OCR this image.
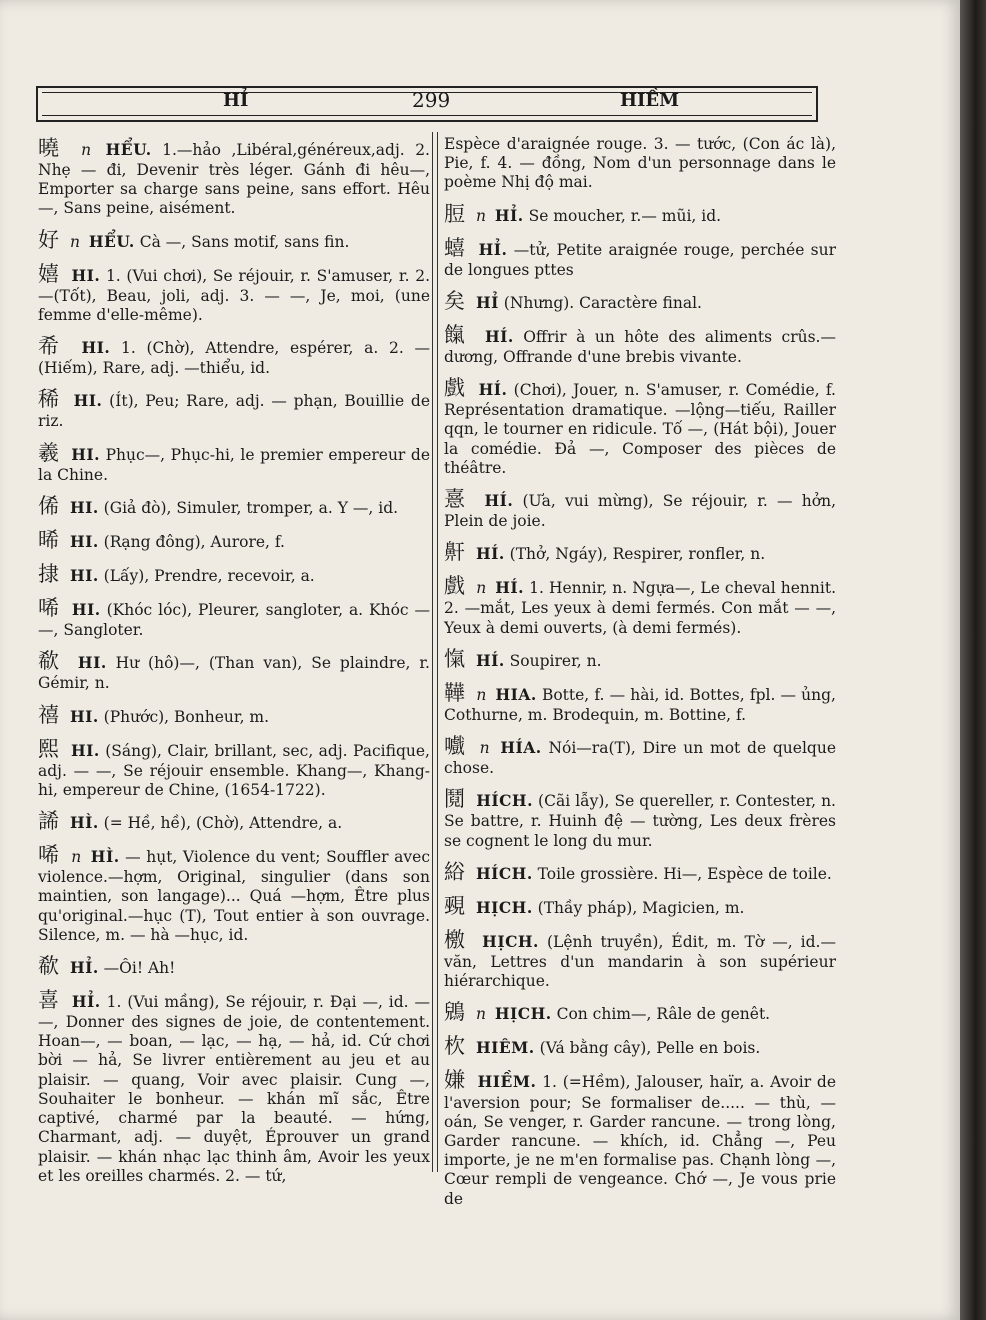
HỈ	299	HIỀM
曉 n HỂU. 1.—hảo ,Libéral,généreux,adj. 2. Nhẹ — đi, Devenir très léger. Gánh đi hêu—, Emporter sa charge sans peine, sans effort. Hêu —, Sans peine, aisément.
好 n HỂU. Cà —, Sans motif, sans fin.
嬉 HI. 1. (Vui chơi), Se réjouir, r. S'amuser, r. 2.—(Tốt), Beau, joli, adj. 3. — —, Je, moi, (une femme d'elle-même).
希 HI. 1. (Chờ), Attendre, espérer, a. 2. — (Hiếm), Rare, adj. —thiểu, id.
稀 HI. (Ít), Peu; Rare, adj. — phạn, Bouillie de riz.
羲 HI. Phục—, Phục-hi, le premier empereur de la Chine.
俙 HI. (Giả đò), Simuler, tromper, a. Y —, id.
晞 HI. (Rạng đông), Aurore, f.
捸 HI. (Lấy), Prendre, recevoir, a.
唏 HI. (Khóc lóc), Pleurer, sangloter, a. Khóc — —, Sangloter.
欷 HI. Hư (hô)—, (Than van), Se plaindre, r. Gémir, n.
禧 HI. (Phước), Bonheur, m.
熙 HI. (Sáng), Clair, brillant, sec, adj. Pacifique, adj. — —, Se réjouir ensemble. Khang—, Khang-hi, empereur de Chine, (1654-1722).
䛥 HÌ. (= Hề, hề), (Chờ), Attendre, a.
唏 n HÌ. — hụt, Violence du vent; Souffler avec violence.—hợm, Original, singulier (dans son maintien, son langage)... Quá —hợm, Être plus qu'original.—hục (T), Tout entier à son ouvrage. Silence, m. — hà —hục, id.
欷 HỈ. —Ôi! Ah!
喜 HỈ. 1. (Vui mầng), Se réjouir, r. Đại —, id. — —, Donner des signes de joie, de contentement. Hoan—, — boan, — lạc, — hạ, — hả, id. Cứ chơi bời — hả, Se livrer entièrement au jeu et au plaisir. — quang, Voir avec plaisir. Cung —, Souhaiter le bonheur. — khán mĩ sắc, Être captivé, charmé par la beauté. — hứng, Charmant, adj. — duyệt, Éprouver un grand plaisir. — khán nhạc lạc thinh âm, Avoir les yeux et les oreilles charmés. 2. — tứ,
Espèce d'araignée rouge. 3. — tước, (Con ác là), Pie, f. 4. — đồng, Nom d'un personnage dans le poème Nhị độ mai.
脰 n HỈ. Se moucher, r.— mũi, id.
蟢 HỈ. —tử, Petite araignée rouge, perchée sur de longues pttes
矣 HỈ (Nhưng). Caractère final.
餼 HÍ. Offrir à un hôte des aliments crûs.— dương, Offrande d'une brebis vivante.
戲 HÍ. (Chơi), Jouer, n. S'amuser, r. Comédie, f. Représentation dramatique. —lộng—tiếu, Railler qqn, le tourner en ridicule. Tố —, (Hát bội), Jouer la comédie. Đả —, Composer des pièces de théâtre.
憙 HÍ. (Ưa, vui mừng), Se réjouir, r. — hởn, Plein de joie.
鼾 HÍ. (Thở, Ngáy), Respirer, ronfler, n.
戲 n HÍ. 1. Hennir, n. Ngựa—, Le cheval hennit. 2. —mắt, Les yeux à demi fermés. Con mắt — —, Yeux à demi ouverts, (à demi fermés).
愾 HÍ. Soupirer, n.
鞾 n HIA. Botte, f. — hài, id. Bottes, fpl. — ủng, Cothurne, m. Brodequin, m. Bottine, f.
嚱 n HÍA. Nói—ra(T), Dire un mot de quelque chose.
鬩 HÍCH. (Cãi lẫy), Se quereller, r. Contester, n. Se battre, r. Huinh đệ — tường, Les deux frères se cognent le long du mur.
綌 HÍCH. Toile grossière. Hi—, Espèce de toile.
覡 HỊCH. (Thầy pháp), Magicien, m.
檄 HỊCH. (Lệnh truyền), Édit, m. Tờ —, id.— văn, Lettres d'un mandarin à son supérieur hiérarchique.
鶂 n HỊCH. Con chim—, Râle de genêt.
杴 HIÊM. (Vá bằng cây), Pelle en bois.
嫌 HIỀM. 1. (=Hềm), Jalouser, haïr, a. Avoir de l'aversion pour; Se formaliser de..... — thù, — oán, Se venger, r. Garder rancune. — trong lòng, Garder rancune. — khích, id. Chẳng —, Peu importe, je ne m'en formalise pas. Chạnh lòng —, Cœur rempli de vengeance. Chớ —, Je vous prie de
